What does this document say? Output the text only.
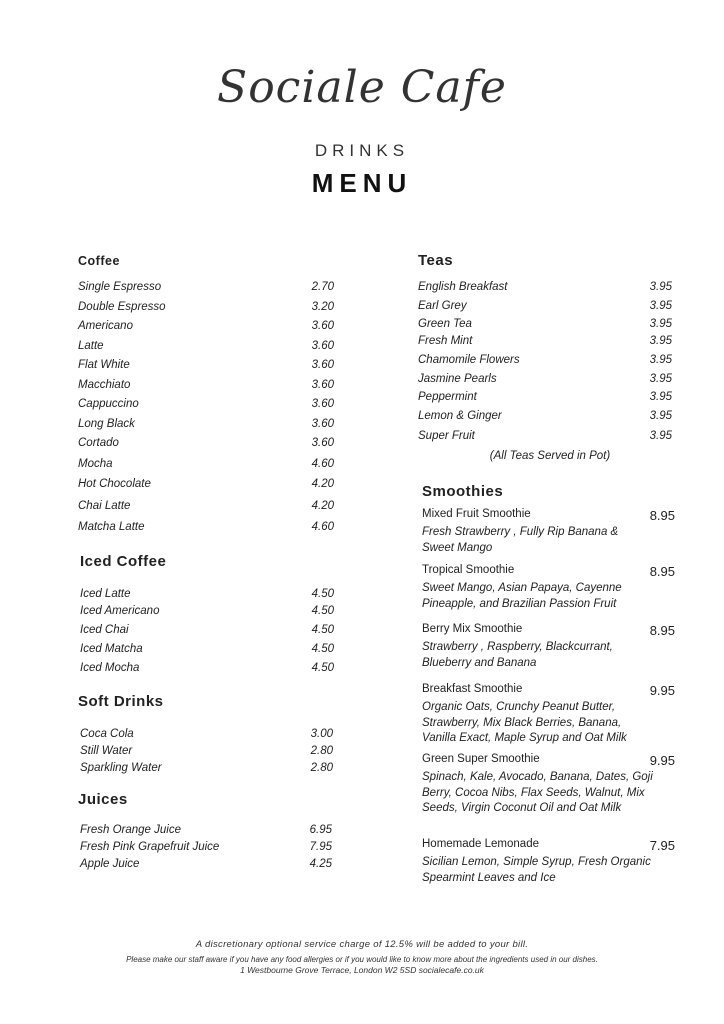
Sociale Cafe
DRINKS
MENU
Coffee
Single Espresso	2.70
Double Espresso	3.20
Americano	3.60
Latte	3.60
Flat White	3.60
Macchiato	3.60
Cappuccino	3.60
Long Black	3.60
Cortado	3.60
Mocha	4.60
Hot Chocolate	4.20
Chai Latte	4.20
Matcha Latte	4.60
Iced Coffee
Iced Latte	4.50
Iced Americano	4.50
Iced Chai	4.50
Iced Matcha	4.50
Iced Mocha	4.50
Soft Drinks
Coca Cola	3.00
Still Water	2.80
Sparkling Water	2.80
Juices
Fresh Orange Juice	6.95
Fresh Pink Grapefruit Juice	7.95
Apple Juice	4.25
Teas
English Breakfast	3.95
Earl Grey	3.95
Green Tea	3.95
Fresh Mint	3.95
Chamomile Flowers	3.95
Jasmine Pearls	3.95
Peppermint	3.95
Lemon & Ginger	3.95
Super Fruit	3.95
(All Teas Served in Pot)
Smoothies
Mixed Fruit Smoothie	8.95
Fresh Strawberry , Fully Rip Banana & Sweet Mango
Tropical Smoothie	8.95
Sweet Mango, Asian Papaya, Cayenne Pineapple, and Brazilian Passion Fruit
Berry Mix Smoothie	8.95
Strawberry , Raspberry, Blackcurrant, Blueberry and Banana
Breakfast Smoothie	9.95
Organic Oats, Crunchy Peanut Butter, Strawberry, Mix Black Berries, Banana, Vanilla Exact, Maple Syrup and Oat Milk
Green Super Smoothie	9.95
Spinach, Kale, Avocado, Banana, Dates, Goji Berry, Cocoa Nibs, Flax Seeds, Walnut, Mix Seeds, Virgin Coconut Oil and Oat Milk
Homemade Lemonade	7.95
Sicilian Lemon, Simple Syrup, Fresh Organic Spearmint Leaves and Ice
A discretionary optional service charge of 12.5% will be added to your bill.
Please make our staff aware if you have any food allergies or if you would like to know more about the ingredients used in our dishes.
1 Westbourne Grove Terrace, London W2 5SD socialecafe.co.uk
